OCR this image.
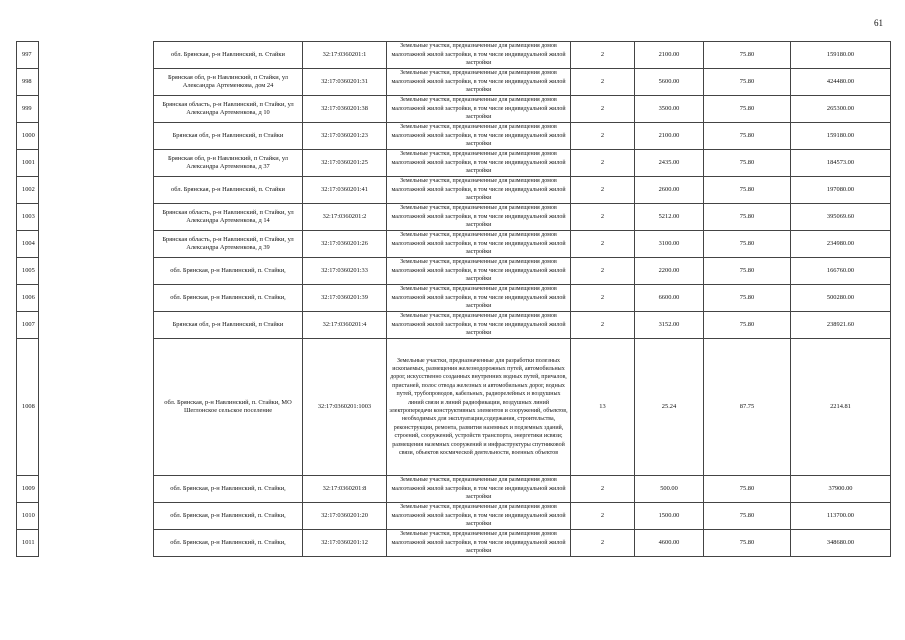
61
997		обл. Брянская, р-н Навлинский, п. Стайки	32:17:0360201:1	Земельные участки, предназначенные для размещения домов малоэтажной жилой застройки, в том числе индивидуальной жилой застройки	2	2100.00	75.80	159180.00
998		Брянская обл, р-н Навлинский, п Стайки, ул Александра Артеменкова, дом 24	32:17:0360201:31	Земельные участки, предназначенные для размещения домов малоэтажной жилой застройки, в том числе индивидуальной жилой застройки	2	5600.00	75.80	424480.00
999		Брянская область, р-н Навлинский, п Стайки, ул Александра Артеменкова, д 10	32:17:0360201:38	Земельные участки, предназначенные для размещения домов малоэтажной жилой застройки, в том числе индивидуальной жилой застройки	2	3500.00	75.80	265300.00
1000		Брянская обл, р-н Навлинский, п Стайки	32:17:0360201:23	Земельные участки, предназначенные для размещения домов малоэтажной жилой застройки, в том числе индивидуальной жилой застройки	2	2100.00	75.80	159180.00
1001		Брянская обл, р-н Навлинский, п Стайки, ул Александра Артеменкова, д 37	32:17:0360201:25	Земельные участки, предназначенные для размещения домов малоэтажной жилой застройки, в том числе индивидуальной жилой застройки	2	2435.00	75.80	184573.00
1002		обл. Брянская, р-н Навлинский, п. Стайки	32:17:0360201:41	Земельные участки, предназначенные для размещения домов малоэтажной жилой застройки, в том числе индивидуальной жилой застройки	2	2600.00	75.80	197080.00
1003		Брянская область, р-н Навлинский, п Стайки, ул Александра Артеменкова, д 14	32:17:0360201:2	Земельные участки, предназначенные для размещения домов малоэтажной жилой застройки, в том числе индивидуальной жилой застройки	2	5212.00	75.80	395069.60
1004		Брянская область, р-н Навлинский, п Стайки, ул Александра Артеменкова, д 39	32:17:0360201:26	Земельные участки, предназначенные для размещения домов малоэтажной жилой застройки, в том числе индивидуальной жилой застройки	2	3100.00	75.80	234980.00
1005		обл. Брянская, р-н Навлинский, п. Стайки,	32:17:0360201:33	Земельные участки, предназначенные для размещения домов малоэтажной жилой застройки, в том числе индивидуальной жилой застройки	2	2200.00	75.80	166760.00
1006		обл. Брянская, р-н Навлинский, п. Стайки,	32:17:0360201:39	Земельные участки, предназначенные для размещения домов малоэтажной жилой застройки, в том числе индивидуальной жилой застройки	2	6600.00	75.80	500280.00
1007		Брянская обл, р-н Навлинский, п Стайки	32:17:0360201:4	Земельные участки, предназначенные для размещения домов малоэтажной жилой застройки, в том числе индивидуальной жилой застройки	2	3152.00	75.80	238921.60
1008		обл. Брянская, р-н Навлинский, п. Стайки, МО Шеглонское сельское поселение	32:17:0360201:1003	Земельные участки, предназначенные для разработки полезных ископаемых, размещения железнодорожных путей, автомобильных дорог, искусственно созданных внутренних водных путей, причалов, пристаней, полос отвода железных и автомобильных дорог, водных путей, трубопроводов, кабельных, радиорелейных и воздушных линий связи и линий радиофикации, воздушных линий электропередачи конструктивных элементов и сооружений, объектов, необходимых для эксплуатации,содержания, строительства, реконструкции, ремонта, развития наземных и подземных зданий, строений, сооружений, устройств транспорта, энергетики исвязи; размещения наземных сооружений и инфраструктуры спутниковой связи, объектов космической деятельности, военных объектов	13	25.24	87.75	2214.81
1009		обл. Брянская, р-н Навлинский, п. Стайки,	32:17:0360201:8	Земельные участки, предназначенные для размещения домов малоэтажной жилой застройки, в том числе индивидуальной жилой застройки	2	500.00	75.80	37900.00
1010		обл. Брянская, р-н Навлинский, п. Стайки,	32:17:0360201:20	Земельные участки, предназначенные для размещения домов малоэтажной жилой застройки, в том числе индивидуальной жилой застройки	2	1500.00	75.80	113700.00
1011		обл. Брянская, р-н Навлинский, п. Стайки,	32:17:0360201:12	Земельные участки, предназначенные для размещения домов малоэтажной жилой застройки, в том числе индивидуальной жилой застройки	2	4600.00	75.80	348680.00
